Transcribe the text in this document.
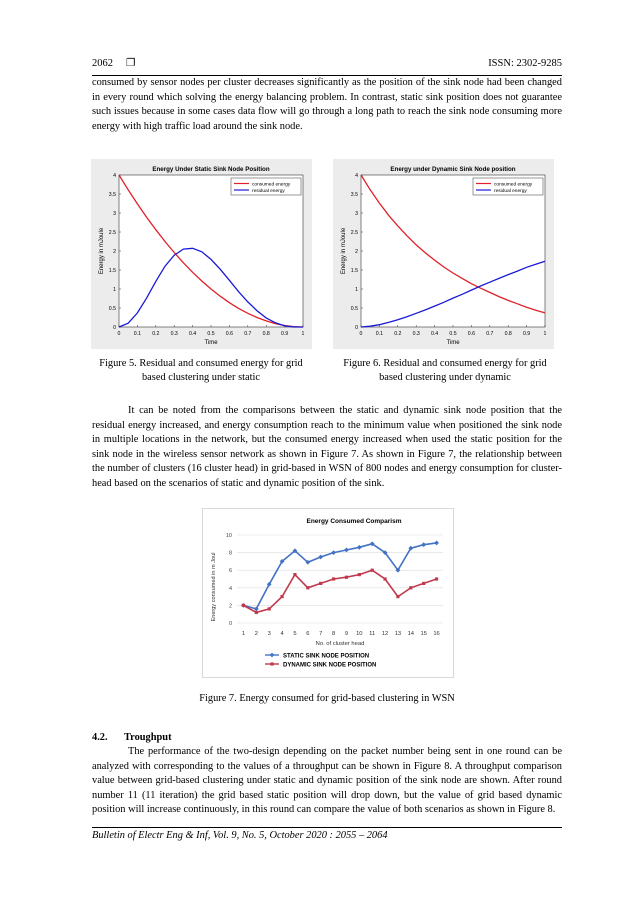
2062 ❐	ISSN: 2302-9285

consumed by sensor nodes per cluster decreases significantly as the position of the sink node had been changed in every round which solving the energy balancing problem. In contrast, static sink position does not guarantee such issues because in some cases data flow will go through a long path to reach the sink node consuming more energy with high traffic load around the sink node.

Energy Under Static Sink Node Position
0	0.1 0.2 0.3 0.4 0.5 0.6 0.7 0.8 0.9	1
0
0.5
1
1.5
2
2.5
3
3.5
4
Time
Energy in mJoule
consumed energy
residual energy
Energy under Dynamic Sink Node position
0	0.1 0.2 0.3 0.4 0.5 0.6 0.7 0.8 0.9	1
0
0.5
1
1.5
2
2.5
3
3.5
4
Time
Energy in mJoule
consumed energy
residual energy
Figure 5. Residual and consumed energy for grid based clustering under static
Figure 6. Residual and consumed energy for grid based clustering under dynamic

It can be noted from the comparisons between the static and dynamic sink node position that the residual energy increased, and energy consumption reach to the minimum value when positioned the sink node in multiple locations in the network, but the consumed energy increased when used the static position for the sink node in the wireless sensor network as shown in Figure 7. As shown in Figure 7, the relationship between the number of clusters (16 cluster head) in grid-based in WSN of 800 nodes and energy consumption for cluster-head based on the scenarios of static and dynamic position of the sink.

Energy Consumed Comparism
0
2
4
6
8
10
1 2 3 4 5 6 7 8 9 10 11 12 13 14 15 16
No. of cluster head
Energy consumed in m Joul
STATIC SINK NODE POSITION
DYNAMIC SINK NODE POSITION
Figure 7. Energy consumed for grid-based clustering in WSN
4.2. Troughput

The performance of the two-design depending on the packet number being sent in one round can be analyzed with corresponding to the values of a throughput can be shown in Figure 8. A throughput comparison value between grid-based clustering under static and dynamic position of the sink node are shown. After round number 11 (11 iteration) the grid based static position will drop down, but the value of grid based dynamic position will increase continuously, in this round can compare the value of both scenarios as shown in Figure 8.

Bulletin of Electr Eng & Inf, Vol. 9, No. 5, October 2020 : 2055 – 2064
